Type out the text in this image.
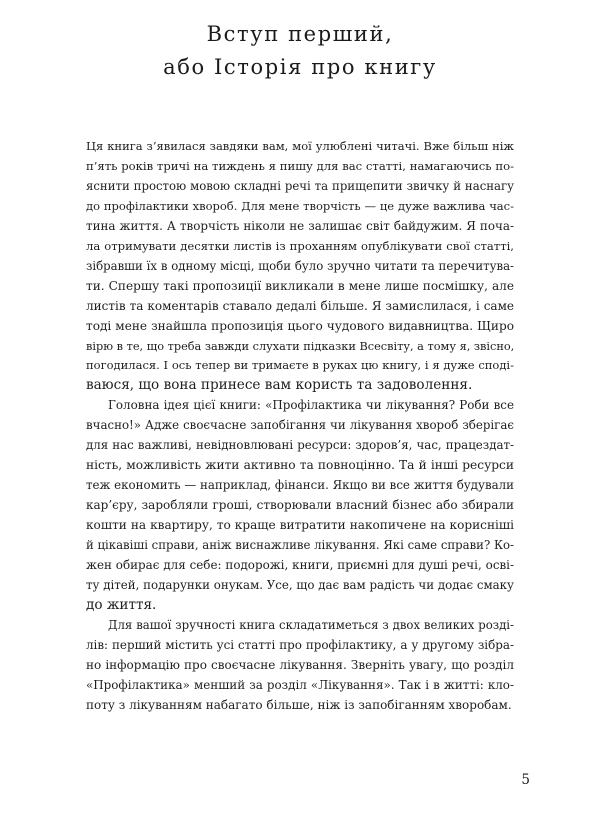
Вступ перший,
або Історія про книгу

Ця книга з’явилася завдяки вам, мої улюблені читачі. Вже більш ніж
п’ять років тричі на тиждень я пишу для вас статті, намагаючись по-
яснити простою мовою складні речі та прищепити звичку й наснагу
до профілактики хвороб. Для мене творчість — це дуже важлива час-
тина життя. А творчість ніколи не залишає світ байдужим. Я поча-
ла отримувати десятки листів із проханням опублікувати свої статті,
зібравши їх в одному місці, щоби було зручно читати та перечитува-
ти. Спершу такі пропозиції викликали в мене лише посмішку, але
листів та коментарів ставало дедалі більше. Я замислилася, і саме
тоді мене знайшла пропозиція цього чудового видавництва. Щиро
вірю в те, що треба завжди слухати підказки Всесвіту, а тому я, звісно,
погодилася. І ось тепер ви тримаєте в руках цю книгу, і я дуже сподi-
ваюся, що вона принесе вам користь та задоволення.

Головна ідея цієї книги: «Профілактика чи лікування? Роби все
вчасно!» Адже своєчасне запобігання чи лікування хвороб зберігає
для нас важливі, невідновлювані ресурси: здоров’я, час, працездат-
ність, можливість жити активно та повноцінно. Та й інші ресурси
теж економить — наприклад, фінанси. Якщо ви все життя будували
кар’єру, заробляли гроші, створювали власний бізнес або збирали
кошти на квартиру, то краще витратити накопичене на корисніші
й цікавіші справи, аніж виснажливе лікування. Які саме справи? Ко-
жен обирає для себе: подорожі, книги, приємні для душі речі, осві-
ту дітей, подарунки онукам. Усе, що дає вам радість чи додає смаку
до життя.

Для вашої зручності книга складатиметься з двох великих розді-
лів: перший містить усі статті про профілактику, а у другому зібра-
но інформацію про своєчасне лікування. Зверніть увагу, що розділ
«Профілактика» менший за розділ «Лікування». Так і в житті: кло-
поту з лікуванням набагато більше, ніж із запобіганням хворобам.

5
